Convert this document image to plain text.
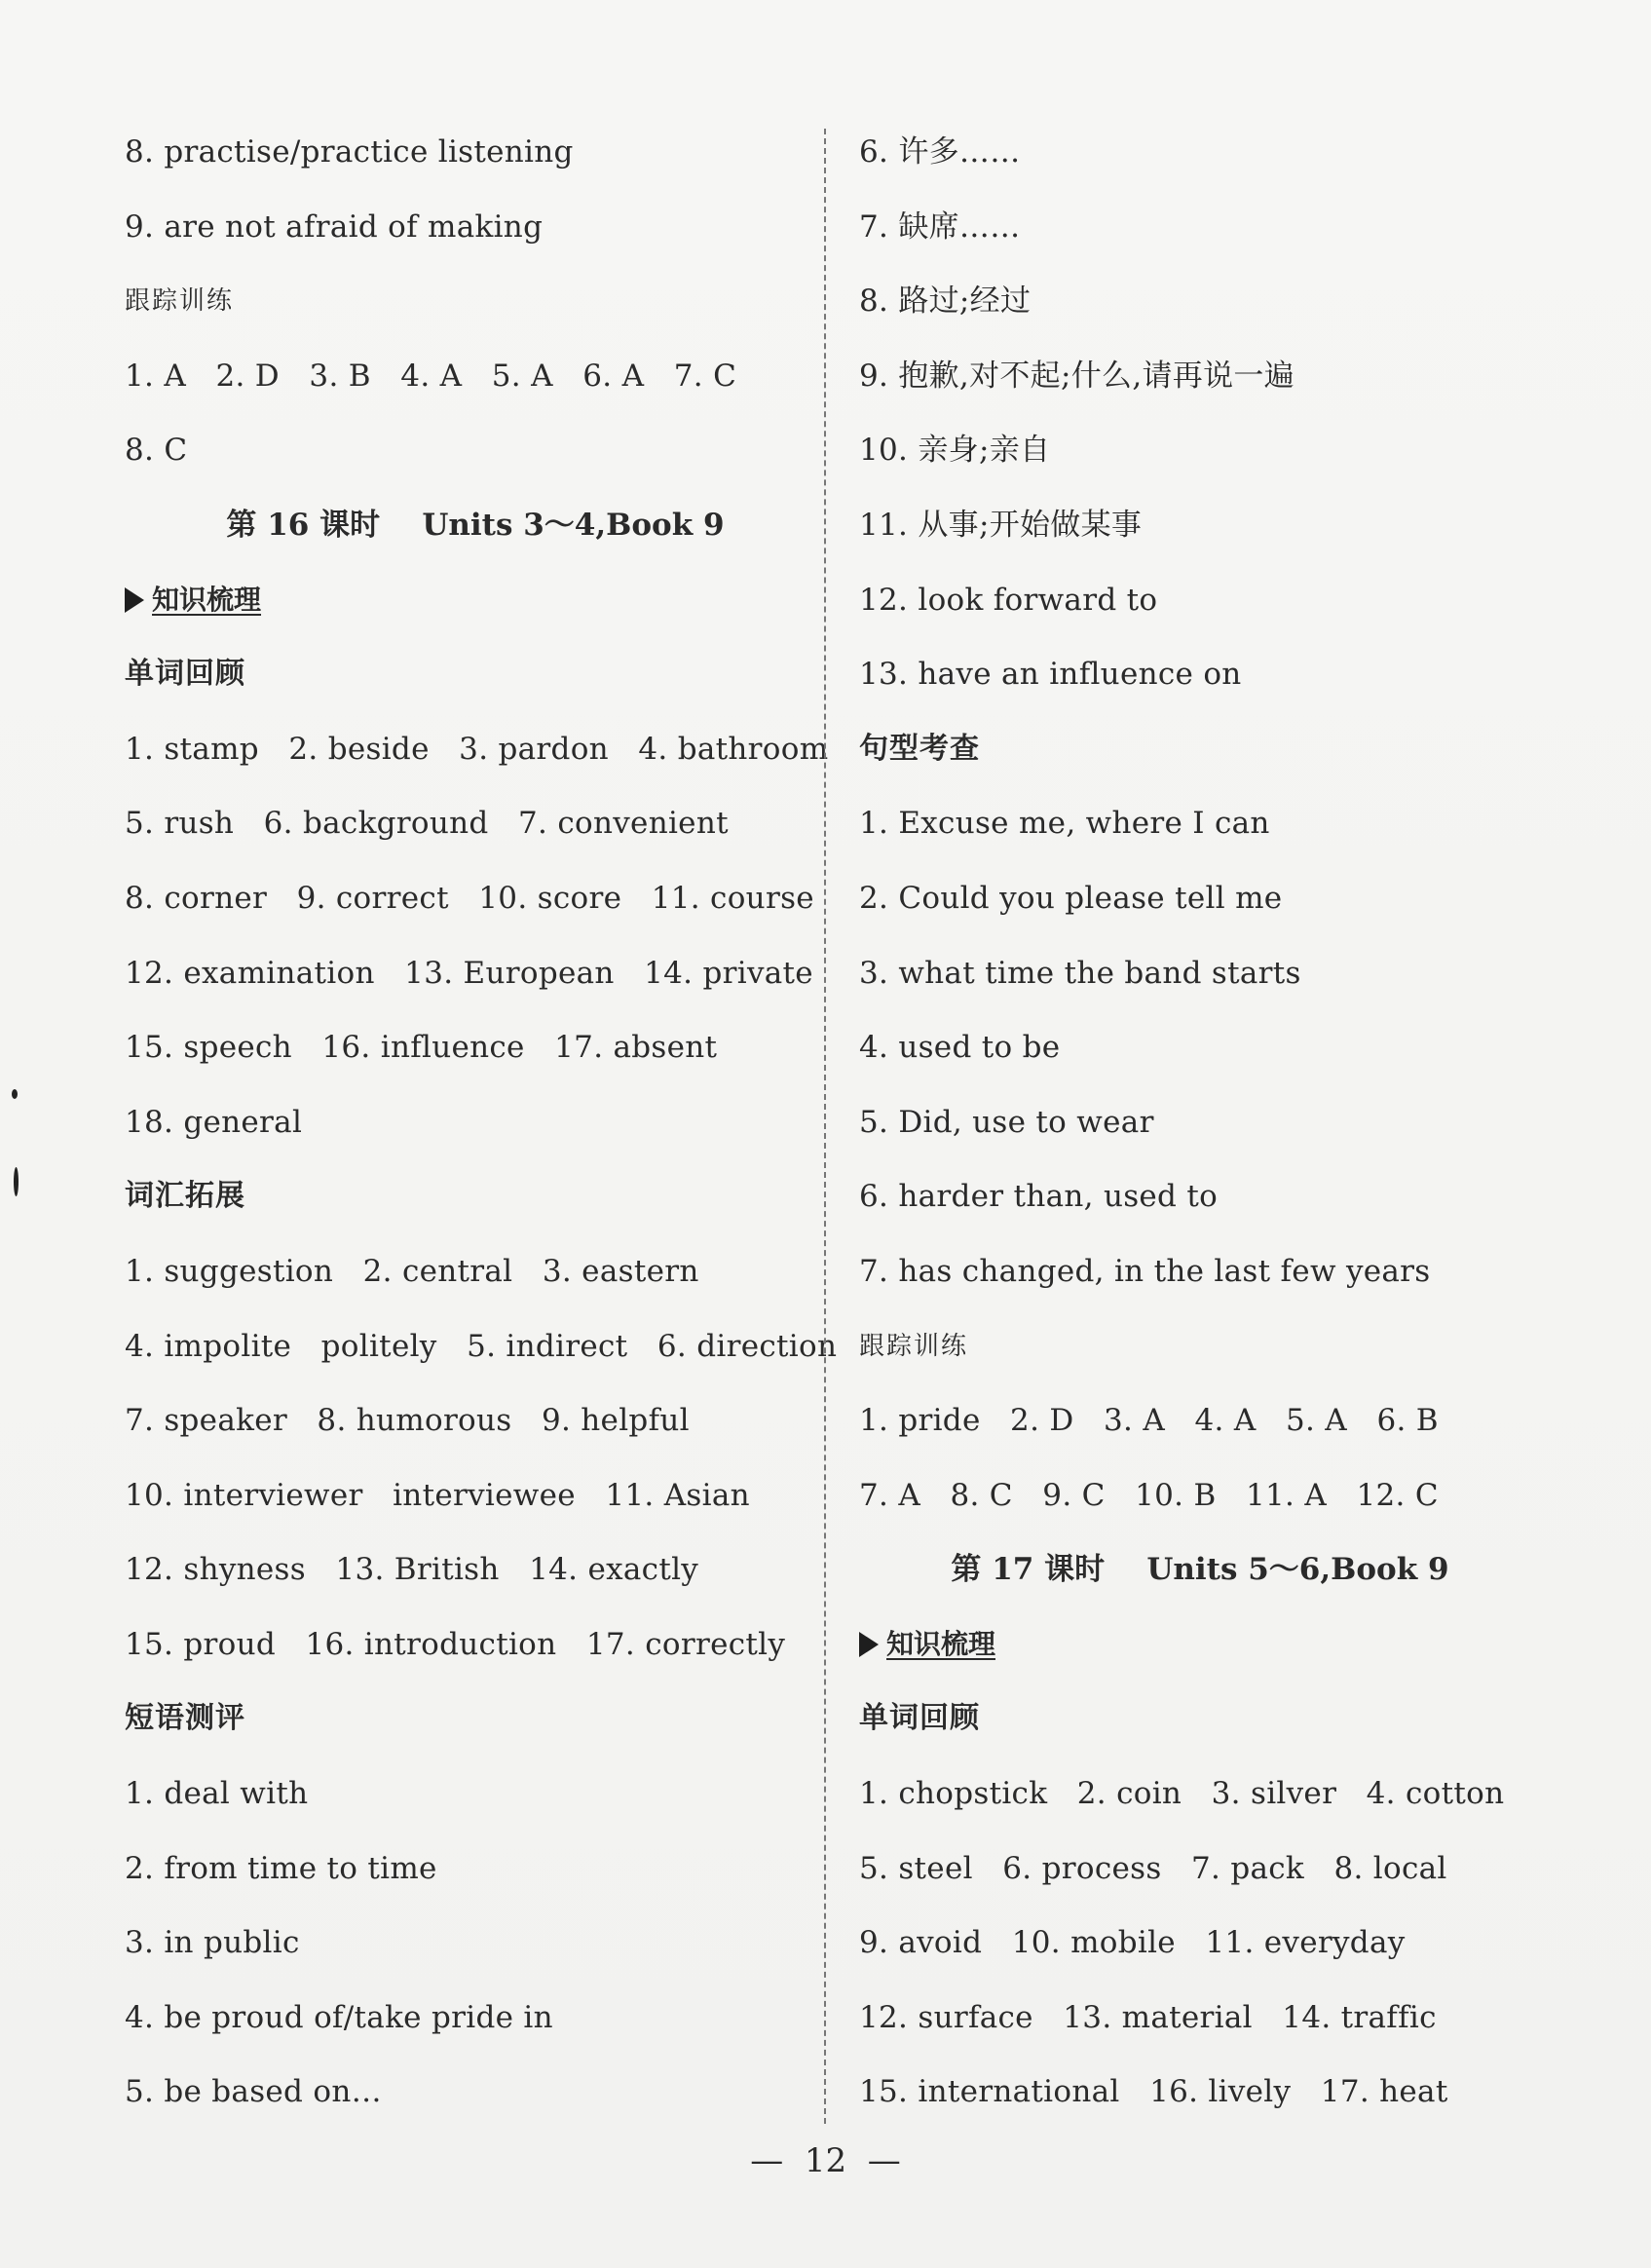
8. practise/practice listening
9. are not afraid of making
跟踪训练
1. A   2. D   3. B   4. A   5. A   6. A   7. C
8. C
第 16 课时    Units 3～4,Book 9
知识梳理
单词回顾
1. stamp   2. beside   3. pardon   4. bathroom
5. rush   6. background   7. convenient
8. corner   9. correct   10. score   11. course
12. examination   13. European   14. private
15. speech   16. influence   17. absent
18. general
词汇拓展
1. suggestion   2. central   3. eastern
4. impolite   politely   5. indirect   6. direction
7. speaker   8. humorous   9. helpful
10. interviewer   interviewee   11. Asian
12. shyness   13. British   14. exactly
15. proud   16. introduction   17. correctly
短语测评
1. deal with
2. from time to time
3. in public
4. be proud of/take pride in
5. be based on…
6. 许多……
7. 缺席……
8. 路过;经过
9. 抱歉,对不起;什么,请再说一遍
10. 亲身;亲自
11. 从事;开始做某事
12. look forward to
13. have an influence on
句型考查
1. Excuse me, where I can
2. Could you please tell me
3. what time the band starts
4. used to be
5. Did, use to wear
6. harder than, used to
7. has changed, in the last few years
跟踪训练
1. pride   2. D   3. A   4. A   5. A   6. B
7. A   8. C   9. C   10. B   11. A   12. C
第 17 课时    Units 5～6,Book 9
知识梳理
单词回顾
1. chopstick   2. coin   3. silver   4. cotton
5. steel   6. process   7. pack   8. local
9. avoid   10. mobile   11. everyday
12. surface   13. material   14. traffic
15. international   16. lively   17. heat
—  12  —
